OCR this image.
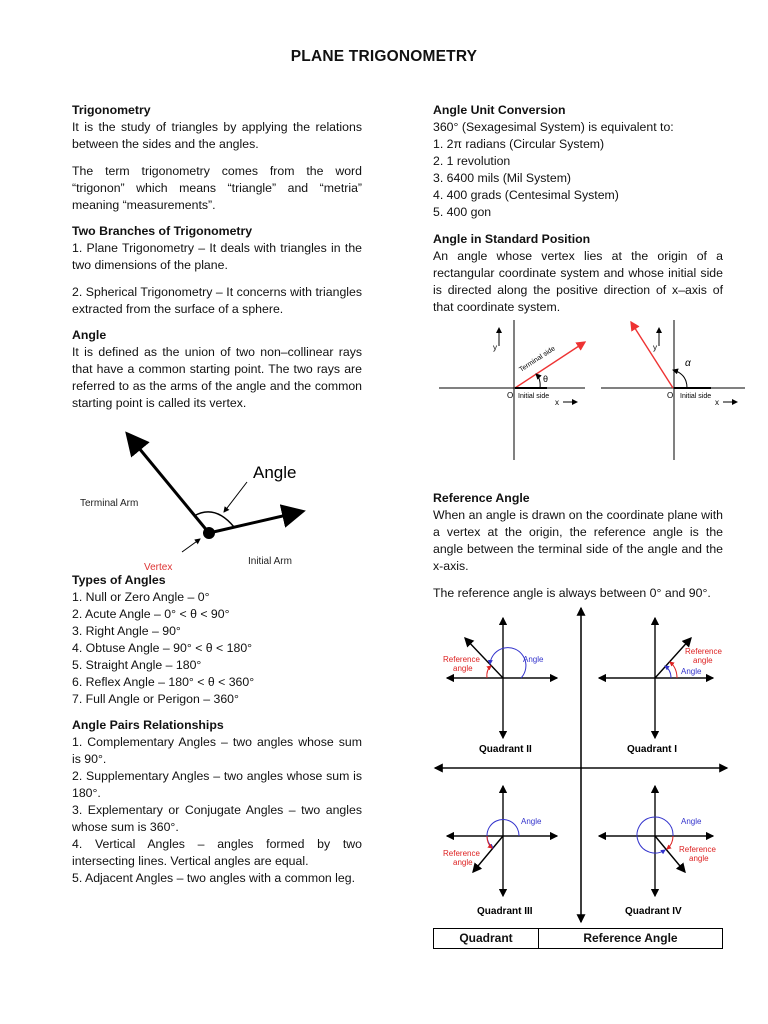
PLANE TRIGONOMETRY

Trigonometry

It is the study of triangles by applying the relations between the sides and the angles.

The term trigonometry comes from the word “trigonon” which means “triangle” and “metria” meaning “measurements”.

Two Branches of Trigonometry

1. Plane Trigonometry – It deals with triangles in the two dimensions of the plane.

2. Spherical Trigonometry – It concerns with triangles extracted from the surface of a sphere.

Angle

It is defined as the union of two non–collinear rays that have a common starting point. The two rays are referred to as the arms of the angle and the common starting point is called its vertex.

Angle
Terminal Arm
Initial Arm
Vertex

Types of Angles

1. Null or Zero Angle – 0°

2. Acute Angle – 0° < θ < 90°

3. Right Angle – 90°

4. Obtuse Angle – 90° < θ < 180°

5. Straight Angle – 180°

6. Reflex Angle – 180° < θ < 360°

7. Full Angle or Perigon – 360°

Angle Pairs Relationships

1. Complementary Angles – two angles whose sum is 90°.

2. Supplementary Angles – two angles whose sum is 180°.

3. Explementary or Conjugate Angles – two angles whose sum is 360°.

4. Vertical Angles – angles formed by two intersecting lines. Vertical angles are equal.

5. Adjacent Angles – two angles with a common leg.

Angle Unit Conversion

360° (Sexagesimal System) is equivalent to:

1. 2π radians (Circular System)

2. 1 revolution

3. 6400 mils (Mil System)

4. 400 grads (Centesimal System)

5. 400 gon

Angle in Standard Position

An angle whose vertex lies at the origin of a rectangular coordinate system and whose initial side is directed along the positive direction of x–axis of that coordinate system.

y
x
O Initial side
θ
Terminal side	y
x
O Initial side
α

Reference Angle

When an angle is drawn on the coordinate plane with a vertex at the origin, the reference angle is the angle between the terminal side of the angle and the x-axis.

The reference angle is always between 0° and 90°.

Angle
Reference
angle
Quadrant II
Reference
angle
Angle
Quadrant I
Angle
Reference
angle
Quadrant III
Angle
Reference
angle
Quadrant IV
Quadrant	Reference Angle
